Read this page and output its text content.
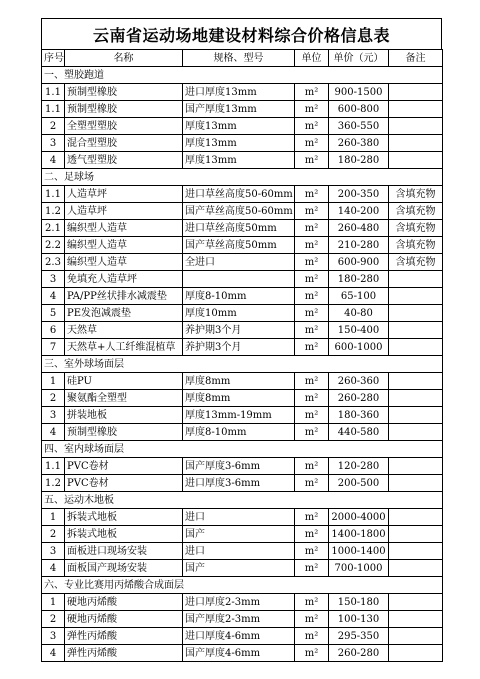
云南省运动场地建设材料综合价格信息表
序号	名称	规格、型号	单位	单价（元）	备注
一、塑胶跑道					
1.1	预制型橡胶	进口厚度13mm	m²	900-1500	
1.1	预制型橡胶	国产厚度13mm	m²	600-800	
2	全塑型塑胶	厚度13mm	m²	360-550	
3	混合型塑胶	厚度13mm	m²	260-380	
4	透气型塑胶	厚度13mm	m²	180-280	
二、足球场					
1.1	人造草坪	进口草丝高度50-60mm	m²	200-350	含填充物
1.2	人造草坪	国产草丝高度50-60mm	m²	140-200	含填充物
2.1	编织型人造草	进口草丝高度50mm	m²	260-480	含填充物
2.2	编织型人造草	国产草丝高度50mm	m²	210-280	含填充物
2.3	编织型人造草	全进口	m²	600-900	含填充物
3	免填充人造草坪		m²	180-280	
4	PA/PP丝状排水减震垫	厚度8-10mm	m²	65-100	
5	PE发泡减震垫	厚度10mm	m²	40-80	
6	天然草	养护期3个月	m²	150-400	
7	天然草+人工纤维混植草	养护期3个月	m²	600-1000	
三、室外球场面层					
1	硅PU	厚度8mm	m²	260-360	
2	聚氨酯全塑型	厚度8mm	m²	260-280	
3	拼装地板	厚度13mm-19mm	m²	180-360	
4	预制型橡胶	厚度8-10mm	m²	440-580	
四、室内球场面层					
1.1	PVC卷材	国产厚度3-6mm	m²	120-280	
1.2	PVC卷材	进口厚度3-6mm	m²	200-500	
五、运动木地板					
1	拆装式地板	进口	m²	2000-4000	
2	拆装式地板	国产	m²	1400-1800	
3	面板进口现场安装	进口	m²	1000-1400	
4	面板国产现场安装	国产	m²	700-1000	
六、专业比赛用丙烯酸合成面层					
1	硬地丙烯酸	进口厚度2-3mm	m²	150-180	
2	硬地丙烯酸	国产厚度2-3mm	m²	100-130	
3	弹性丙烯酸	进口厚度4-6mm	m²	295-350	
4	弹性丙烯酸	国产厚度4-6mm	m²	260-280	
